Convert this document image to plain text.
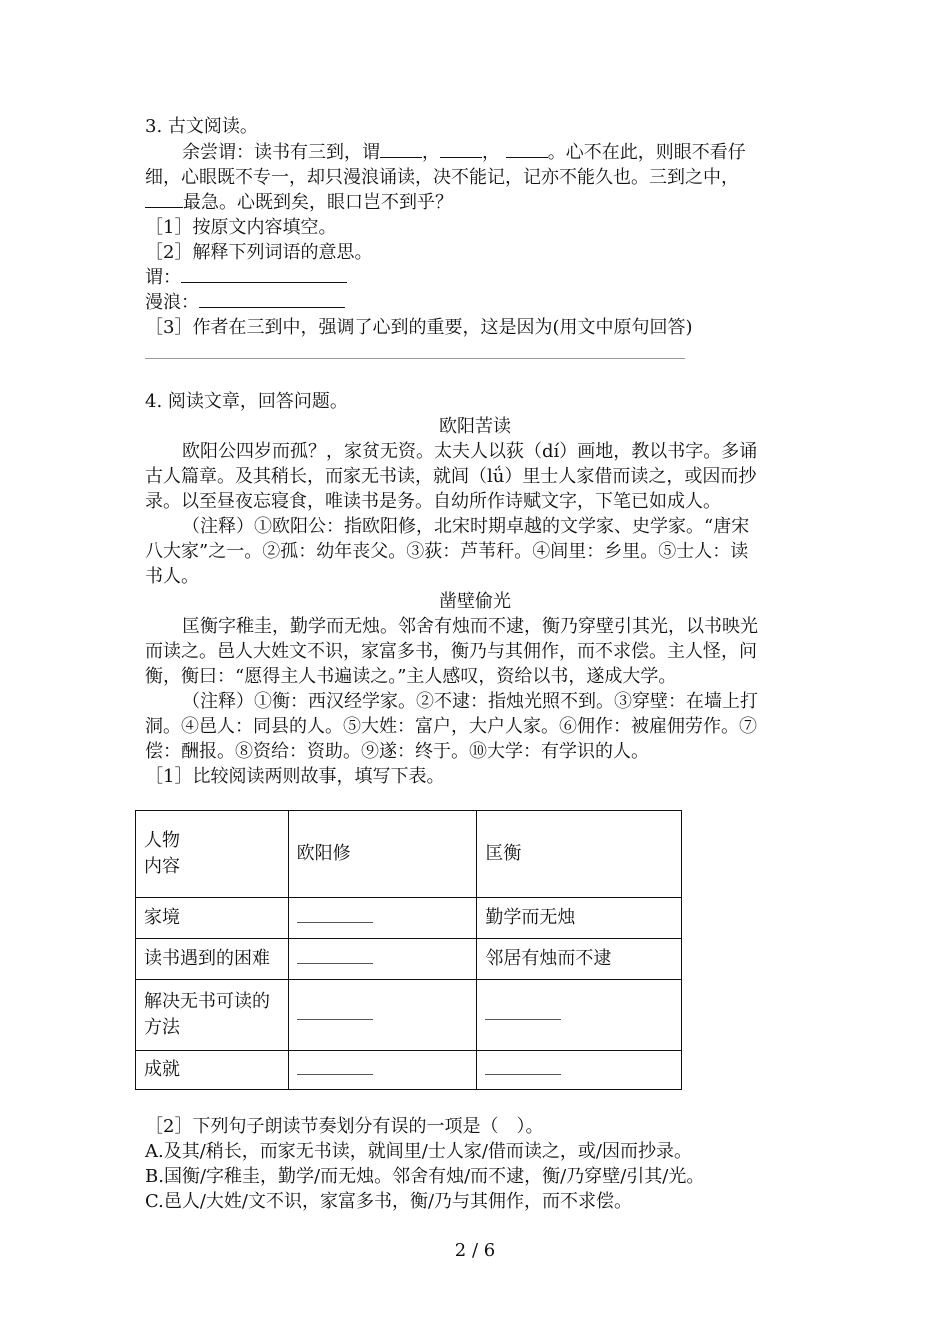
3. 古文阅读。
余尝谓：读书有三到，谓 ， ，	。心不在此，则眼不看仔
细，心眼既不专一，却只漫浪诵读，决不能记，记亦不能久也。三到之中，
最急。心既到矣，眼口岂不到乎？
［1］按原文内容填空。
［2］解释下列词语的意思。
谓：
漫浪：
［3］作者在三到中，强调了心到的重要，这是因为(用文中原句回答)
4. 阅读文章，回答问题。
欧阳苦读
欧阳公四岁而孤？，家贫无资。太夫人以荻（dí）画地，教以书字。多诵
古人篇章。及其稍长，而家无书读，就闾（lǘ）里士人家借而读之，或因而抄
录。以至昼夜忘寝食，唯读书是务。自幼所作诗赋文字，下笔已如成人。
（注释）①欧阳公：指欧阳修，北宋时期卓越的文学家、史学家。“唐宋
八大家”之一。②孤：幼年丧父。③荻：芦苇秆。④闾里：乡里。⑤士人：读
书人。
凿壁偷光
匡衡字稚圭，勤学而无烛。邻舍有烛而不逮，衡乃穿壁引其光，以书映光
而读之。邑人大姓文不识，家富多书，衡乃与其佣作，而不求偿。主人怪，问
衡，衡曰：“愿得主人书遍读之。”主人感叹，资给以书，遂成大学。
（注释）①衡：西汉经学家。②不逮：指烛光照不到。③穿壁：在墙上打
洞。④邑人：同县的人。⑤大姓：富户，大户人家。⑥佣作：被雇佣劳作。⑦
偿：酬报。⑧资给：资助。⑨遂：终于。⑩大学：有学识的人。
［1］比较阅读两则故事，填写下表。
人物
内容	欧阳修	匡衡
家境		勤学而无烛
读书遇到的困难		邻居有烛而不逮

解决无书可读的
方法		

成就		
［2］下列句子朗读节奏划分有误的一项是（　）。
A.及其/稍长，而家无书读，就闾里/士人家/借而读之，或/因而抄录。
B.国衡/字稚圭，勤学/而无烛。邻舍有烛/而不逮，衡/乃穿壁/引其/光。
C.邑人/大姓/文不识，家富多书，衡/乃与其佣作，而不求偿。
2 / 6
